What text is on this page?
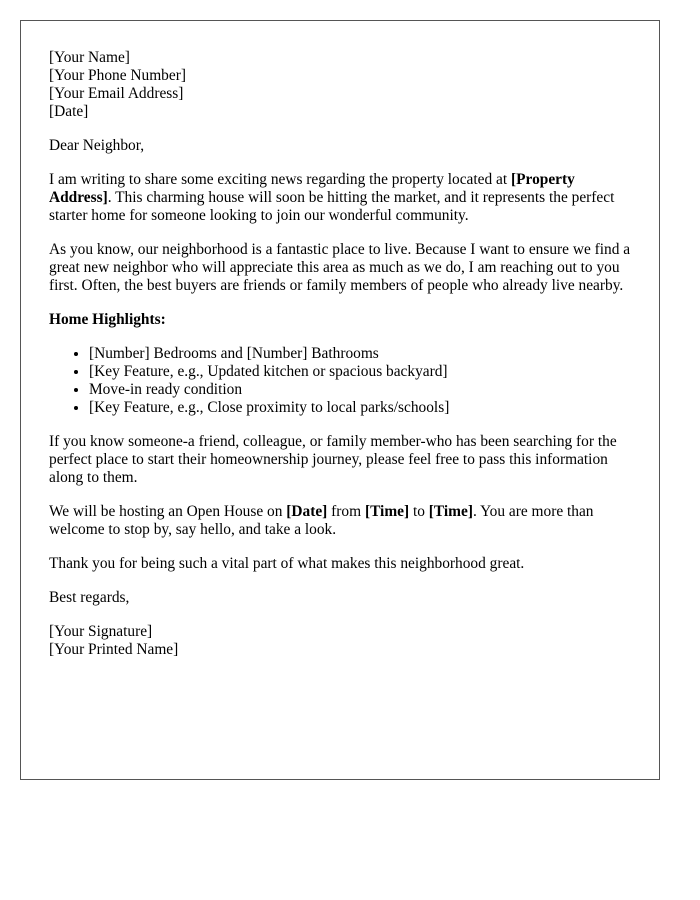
[Your Name]
[Your Phone Number]
[Your Email Address]
[Date]

Dear Neighbor,

I am writing to share some exciting news regarding the property located at [Property Address]. This charming house will soon be hitting the market, and it represents the perfect starter home for someone looking to join our wonderful community.

As you know, our neighborhood is a fantastic place to live. Because I want to ensure we find a great new neighbor who will appreciate this area as much as we do, I am reaching out to you first. Often, the best buyers are friends or family members of people who already live nearby.

Home Highlights:

• [Number] Bedrooms and [Number] Bathrooms
• [Key Feature, e.g., Updated kitchen or spacious backyard]
• Move-in ready condition
• [Key Feature, e.g., Close proximity to local parks/schools]

If you know someone-a friend, colleague, or family member-who has been searching for the perfect place to start their homeownership journey, please feel free to pass this information along to them.

We will be hosting an Open House on [Date] from [Time] to [Time]. You are more than welcome to stop by, say hello, and take a look.

Thank you for being such a vital part of what makes this neighborhood great.

Best regards,

[Your Signature]
[Your Printed Name]
